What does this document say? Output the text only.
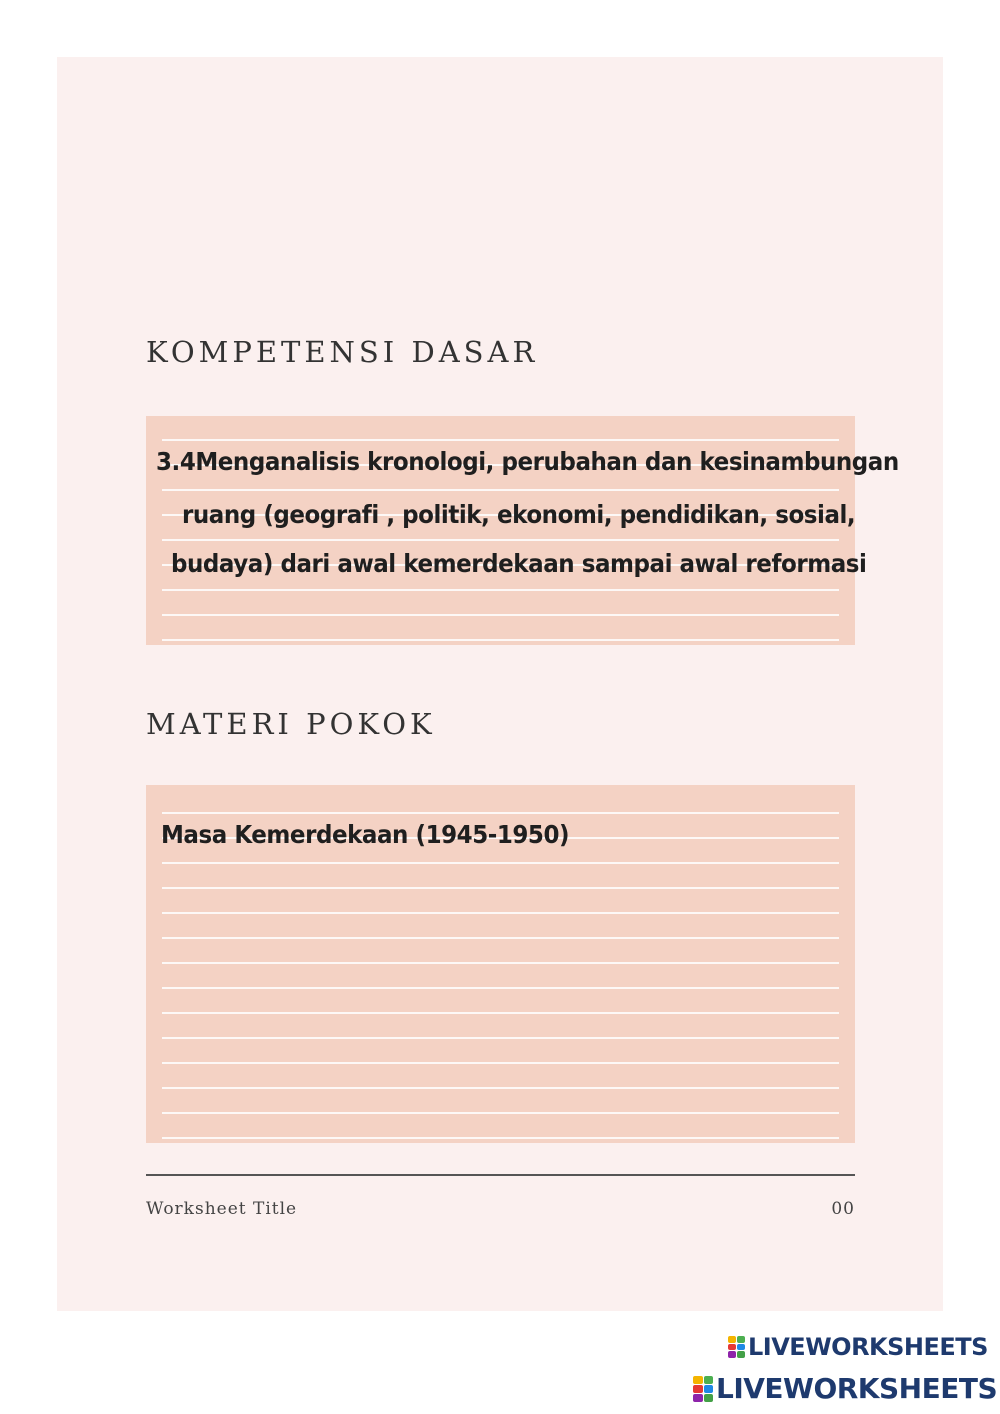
KOMPETENSI DASAR

3.4Menganalisis kronologi, perubahan dan kesinambungan

ruang (geografi , politik, ekonomi, pendidikan, sosial,

budaya) dari awal kemerdekaan sampai awal reformasi

MATERI POKOK

Masa Kemerdekaan (1945-1950)

Worksheet Title	00
LIVEWORKSHEETS
LIVEWORKSHEETS
